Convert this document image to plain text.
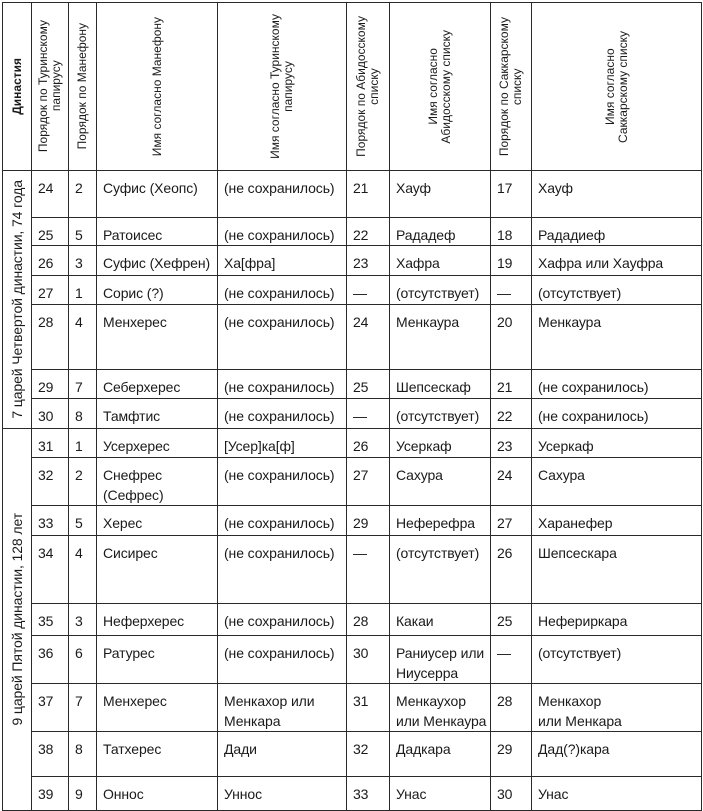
Династия	Порядок по Туринскому
папирусу	Порядок по Манефону	Имя согласно Манефону	Имя согласно Туринскому
папирусу	Порядок по Абидосскому
списку	Имя согласно
Абидосскому списку	Порядок по Саккарскому
списку	Имя согласно
Саккарскому списку

7 царей Четвертой династии, 74 года	24	2	Суфис (Хеопс)	(не сохранилось)	21	Хауф	17	Хауф
	25	5	Ратоисес	(не сохранилось)	22	Рададеф	18	Рададиеф
	26	3	Суфис (Хефрен)	Ха[фра]	23	Хафра	19	Хафра или Хауфра
	27	1	Сорис (?)	(не сохранилось)	—	(отсутствует)	—	(отсутствует)
	28	4	Менхерес	(не сохранилось)	24	Менкаура	20	Менкаура
	29	7	Себерхерес	(не сохранилось)	25	Шепсескаф	21	(не сохранилось)
	30	8	Тамфтис	(не сохранилось)	—	(отсутствует)	22	(не сохранилось)

9 царей Пятой династии, 128 лет	31	1	Усерхерес	[Усер]ка[ф]	26	Усеркаф	23	Усеркаф
	32	2	Снефрес
(Сефрес)	(не сохранилось)	27	Сахура	24	Сахура
	33	5	Херес	(не сохранилось)	29	Неферефра	27	Харанефер
	34	4	Сисирес	(не сохранилось)	—	(отсутствует)	26	Шепсескара
	35	3	Неферхерес	(не сохранилось)	28	Какаи	25	Нефериркара
	36	6	Ратурес	(не сохранилось)	30	Раниусер или
Ниусерра	—	(отсутствует)
	37	7	Менхерес	Менкахор или
Менкара	31	Менкаухор
или Менкаура	28	Менкахор
или Менкара
	38	8	Татхерес	Дади	32	Дадкара	29	Дад(?)кара
	39	9	Оннос	Уннос	33	Унас	30	Унас
